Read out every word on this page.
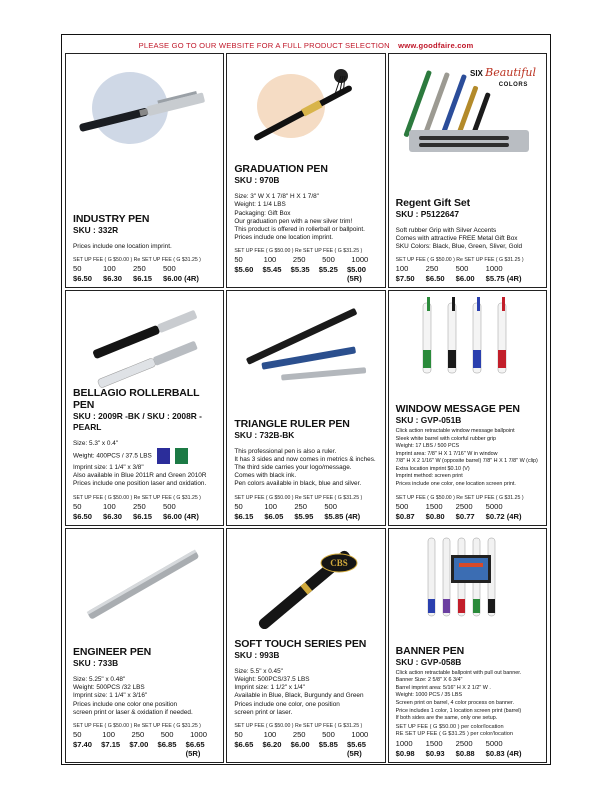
PLEASE GO TO OUR WEBSITE FOR A FULL PRODUCT SELECTION www.goodfaire.com
INDUSTRY PEN
SKU : 332R
Prices include one location imprint.
SET UP FEE ( G $50.00 ) Re SET UP FEE ( G $31.25 )
50	100	250	500
$6.50	$6.30	$6.15	$6.00 (4R)
GRADUATION PEN
SKU : 970B
Size: 3" W X 1 7/8" H X 1 7/8"
Weight: 1 1/4 LBS
Packaging: Gift Box
Our graduation pen with a new silver trim!
This product is offered in rollerball or ballpoint.
Prices include one location imprint.
SET UP FEE ( G $50.00 ) Re SET UP FEE ( G $31.25 )
50	100	250	500	1000
$5.60	$5.45	$5.35	$5.25	$5.00 (5R)
SIX Beautiful
COLORS
Regent Gift Set
SKU : P5122647
Soft rubber Grip with Silver Accents
Comes with attractive FREE Metal Gift Box
SKU Colors: Black, Blue, Green, Sliver, Gold
SET UP FEE ( G $50.00 ) Re SET UP FEE ( G $31.25 )
100	250	500	1000
$7.50	$6.50	$6.00	$5.75 (4R)
BELLAGIO ROLLERBALL PEN
SKU : 2009R -BK / SKU : 2008R -PEARL
Size: 5.3" x 0.4"
Weight: 400PCS / 37.5 LBS
Imprint size: 1 1/4" x 3/8"
Also available in Blue 2011R and Green 2010R
Prices include one position laser and oxidation.
SET UP FEE ( G $50.00 ) Re SET UP FEE ( G $31.25 )
50	100	250	500
$6.50	$6.30	$6.15	$6.00 (4R)
TRIANGLE RULER PEN
SKU : 732B-BK
This professional pen is also a ruler.
It has 3 sides and now comes in metrics & inches.
The third side carries your logo/message.
Comes with black ink.
Pen colors available in black, blue and silver.
SET UP FEE ( G $50.00 ) Re SET UP FEE ( G $31.25 )
50	100	250	500
$6.15	$6.05	$5.95	$5.85 (4R)
WINDOW MESSAGE PEN
SKU : GVP-051B
Click action retractable window message ballpoint
Sleek white barrel with colorful rubber grip
Weight: 17 LBS / 500 PCS
Imprint area: 7/8" H X 1 7/16" W in window
7/8" H X 2 1/16" W (opposite barrel) 7/8" H X 1 7/8" W (clip)
Extra location imprint $0.10 (V)
Imprint method: screen print
Prices include one color, one location screen print.
SET UP FEE ( G $50.00 ) Re SET UP FEE ( G $31.25 )
500	1500	2500	5000
$0.87	$0.80	$0.77	$0.72 (4R)
ENGINEER PEN
SKU : 733B
Size: 5.25" x 0.48"
Weight: 500PCS /32 LBS
Imprint size: 1 1/4" x 3/16"
Prices include one color one position
screen print or laser & oxidation if needed.
SET UP FEE ( G $50.00 ) Re SET UP FEE ( G $31.25 )
50	100	250	500	1000
$7.40	$7.15	$7.00	$6.85	$6.65 (5R)
CBS
SOFT TOUCH SERIES PEN
SKU : 993B
Size: 5.5" x 0.45"
Weight: 500PCS/37.5 LBS
Imprint size: 1 1/2" x 1/4"
Available in Blue, Black, Burgundy and Green
Prices include one color, one position
screen print or laser.
SET UP FEE ( G $50.00 ) Re SET UP FEE ( G $31.25 )
50	100	250	500	1000
$6.65	$6.20	$6.00	$5.85	$5.65 (5R)
BANNER PEN
SKU : GVP-058B
Click action retractable ballpoint with pull out banner.
Banner Size: 2 5/8" X 6 3/4"
Barrel imprint area: 5/16" H X 2 1/2" W .
Weight: 1000 PCS / 35 LBS
Screen print on barrel, 4 color process on banner.
Price includes 1 color, 1 location screen print (barrel)
If both sides are the same, only one setup.
SET UP FEE ( G $50.00 ) per color/location
RE SET UP FEE ( G $31.25 ) per color/location
1000	1500	2500	5000
$0.98	$0.93	$0.88	$0.83 (4R)
